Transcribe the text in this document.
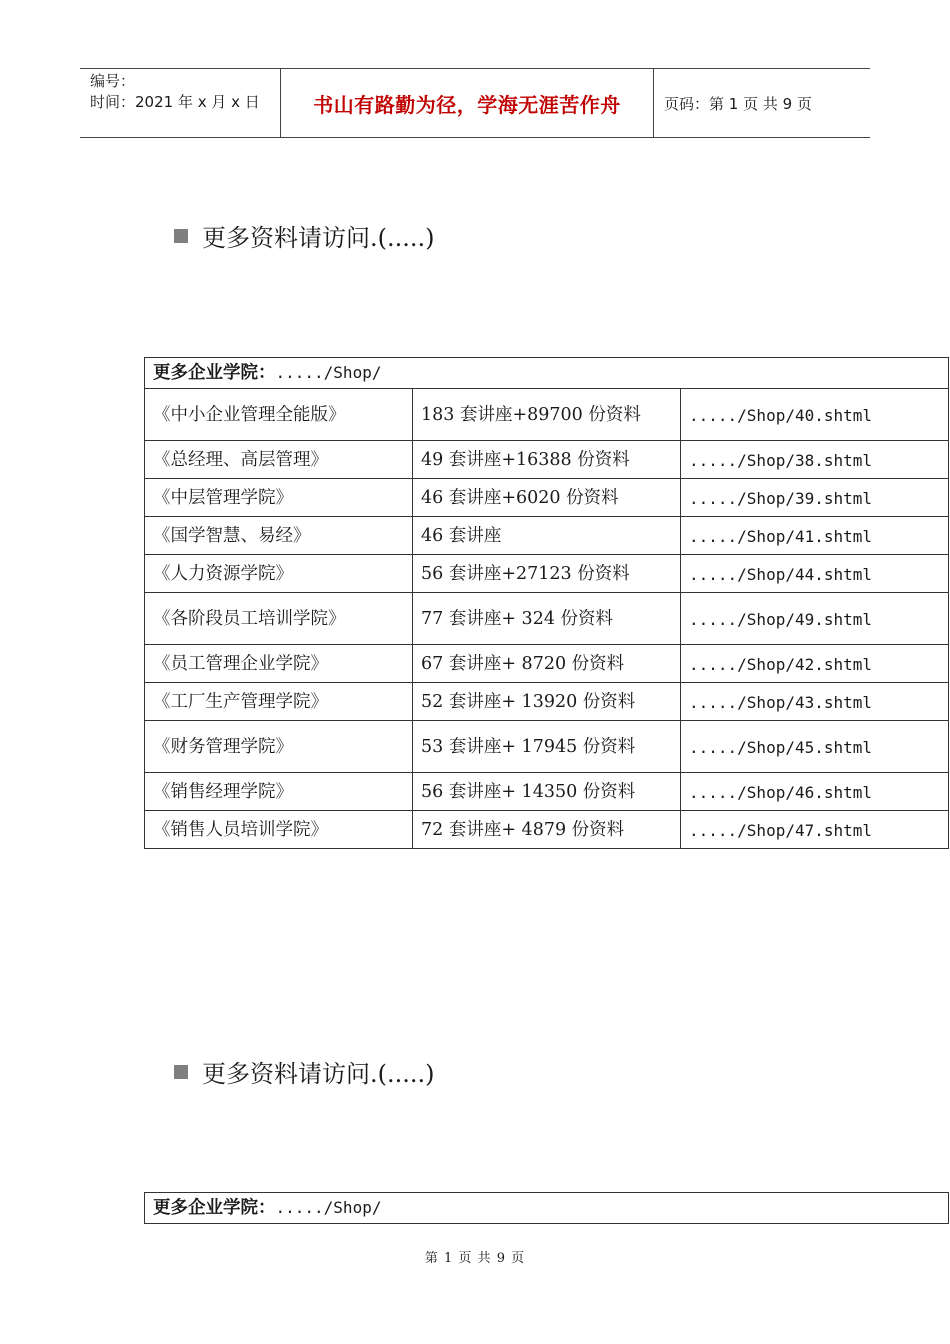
编号：
时间：2021 年 x 月 x 日	书山有路勤为径，学海无涯苦作舟	页码：第 1 页 共 9 页
更多资料请访问.(.....)
更多企业学院：...../Shop/		
《中小企业管理全能版》	183 套讲座+89700 份资料	...../Shop/40.shtml
《总经理、高层管理》	49 套讲座+16388 份资料	...../Shop/38.shtml
《中层管理学院》	46 套讲座+6020 份资料	...../Shop/39.shtml
《国学智慧、易经》	46 套讲座	...../Shop/41.shtml
《人力资源学院》	56 套讲座+27123 份资料	...../Shop/44.shtml
《各阶段员工培训学院》	77 套讲座+ 324 份资料	...../Shop/49.shtml
《员工管理企业学院》	67 套讲座+ 8720 份资料	...../Shop/42.shtml
《工厂生产管理学院》	52 套讲座+ 13920 份资料	...../Shop/43.shtml
《财务管理学院》	53 套讲座+ 17945 份资料	...../Shop/45.shtml
《销售经理学院》	56 套讲座+ 14350 份资料	...../Shop/46.shtml
《销售人员培训学院》	72 套讲座+ 4879 份资料	...../Shop/47.shtml
更多资料请访问.(.....)
更多企业学院：...../Shop/
第 1 页 共 9 页
